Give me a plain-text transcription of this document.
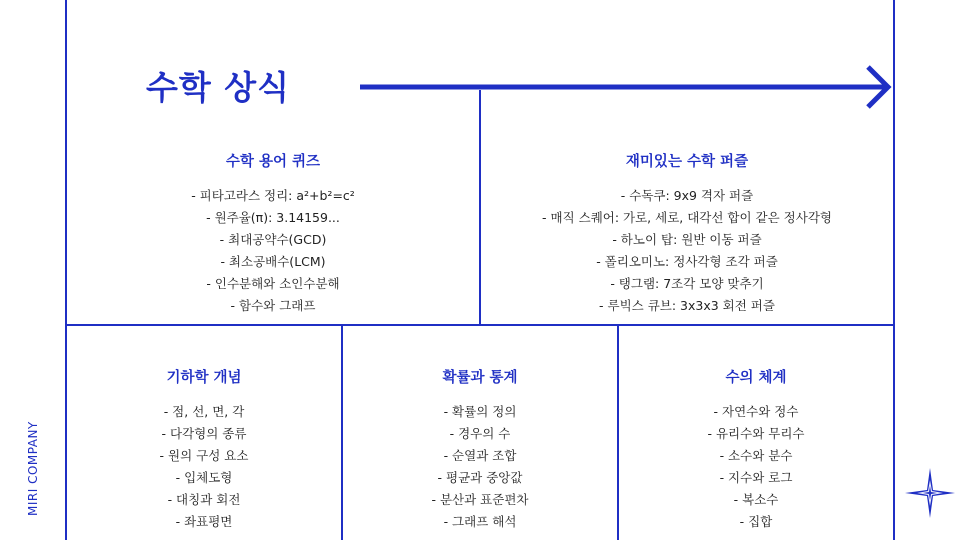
수학 상식
MIRI COMPANY
수학 용어 퀴즈
- 피타고라스 정리: a²+b²=c²
- 원주율(π): 3.14159...
- 최대공약수(GCD)
- 최소공배수(LCM)
- 인수분해와 소인수분해
- 함수와 그래프
재미있는 수학 퍼즐
- 수독쿠: 9x9 격자 퍼즐
- 매직 스퀘어: 가로, 세로, 대각선 합이 같은 정사각형
- 하노이 탑: 원반 이동 퍼즐
- 폴리오미노: 정사각형 조각 퍼즐
- 탱그램: 7조각 모양 맞추기
- 루빅스 큐브: 3x3x3 회전 퍼즐
기하학 개념
- 점, 선, 면, 각
- 다각형의 종류
- 원의 구성 요소
- 입체도형
- 대칭과 회전
- 좌표평면
확률과 통계
- 확률의 정의
- 경우의 수
- 순열과 조합
- 평균과 중앙값
- 분산과 표준편차
- 그래프 해석
수의 체계
- 자연수와 정수
- 유리수와 무리수
- 소수와 분수
- 지수와 로그
- 복소수
- 집합
